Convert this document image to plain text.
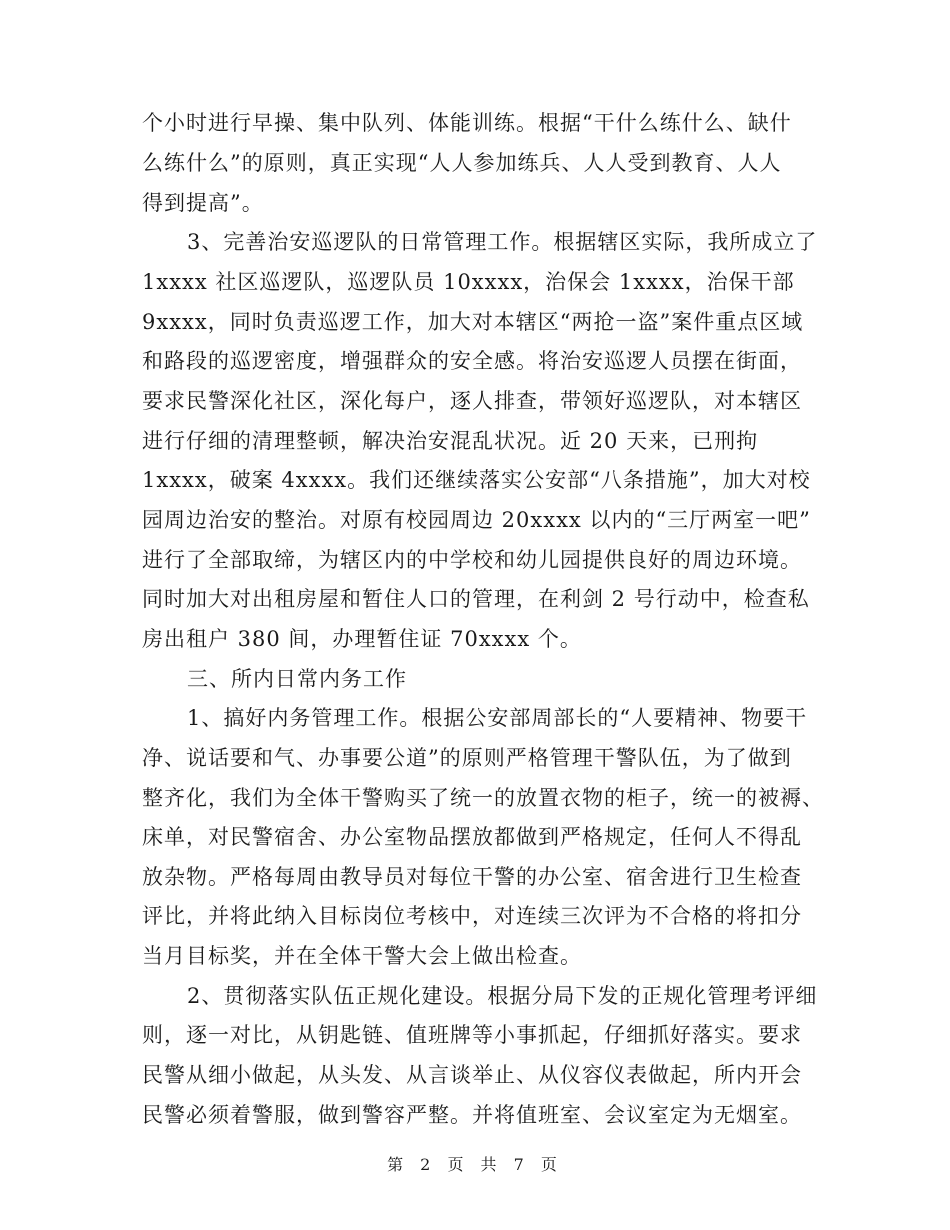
个小时进行早操、集中队列、体能训练。根据“干什么练什么、缺什
么练什么”的原则，真正实现“人人参加练兵、人人受到教育、人人
得到提高”。
3、完善治安巡逻队的日常管理工作。根据辖区实际，我所成立了
1xxxx 社区巡逻队，巡逻队员 10xxxx，治保会 1xxxx，治保干部
9xxxx，同时负责巡逻工作，加大对本辖区“两抢一盗”案件重点区域
和路段的巡逻密度，增强群众的安全感。将治安巡逻人员摆在街面，
要求民警深化社区，深化每户，逐人排查，带领好巡逻队，对本辖区
进行仔细的清理整顿，解决治安混乱状况。近 20 天来，已刑拘
1xxxx，破案 4xxxx。我们还继续落实公安部“八条措施”，加大对校
园周边治安的整治。对原有校园周边 20xxxx 以内的“三厅两室一吧”
进行了全部取缔，为辖区内的中学校和幼儿园提供良好的周边环境。
同时加大对出租房屋和暂住人口的管理，在利剑 2 号行动中，检查私
房出租户 380 间，办理暂住证 70xxxx 个。
三、所内日常内务工作
1、搞好内务管理工作。根据公安部周部长的“人要精神、物要干
净、说话要和气、办事要公道”的原则严格管理干警队伍，为了做到
整齐化，我们为全体干警购买了统一的放置衣物的柜子，统一的被褥、
床单，对民警宿舍、办公室物品摆放都做到严格规定，任何人不得乱
放杂物。严格每周由教导员对每位干警的办公室、宿舍进行卫生检查
评比，并将此纳入目标岗位考核中，对连续三次评为不合格的将扣分
当月目标奖，并在全体干警大会上做出检查。
2、贯彻落实队伍正规化建设。根据分局下发的正规化管理考评细
则，逐一对比，从钥匙链、值班牌等小事抓起，仔细抓好落实。要求
民警从细小做起，从头发、从言谈举止、从仪容仪表做起，所内开会
民警必须着警服，做到警容严整。并将值班室、会议室定为无烟室。
第 2 页 共 7 页
